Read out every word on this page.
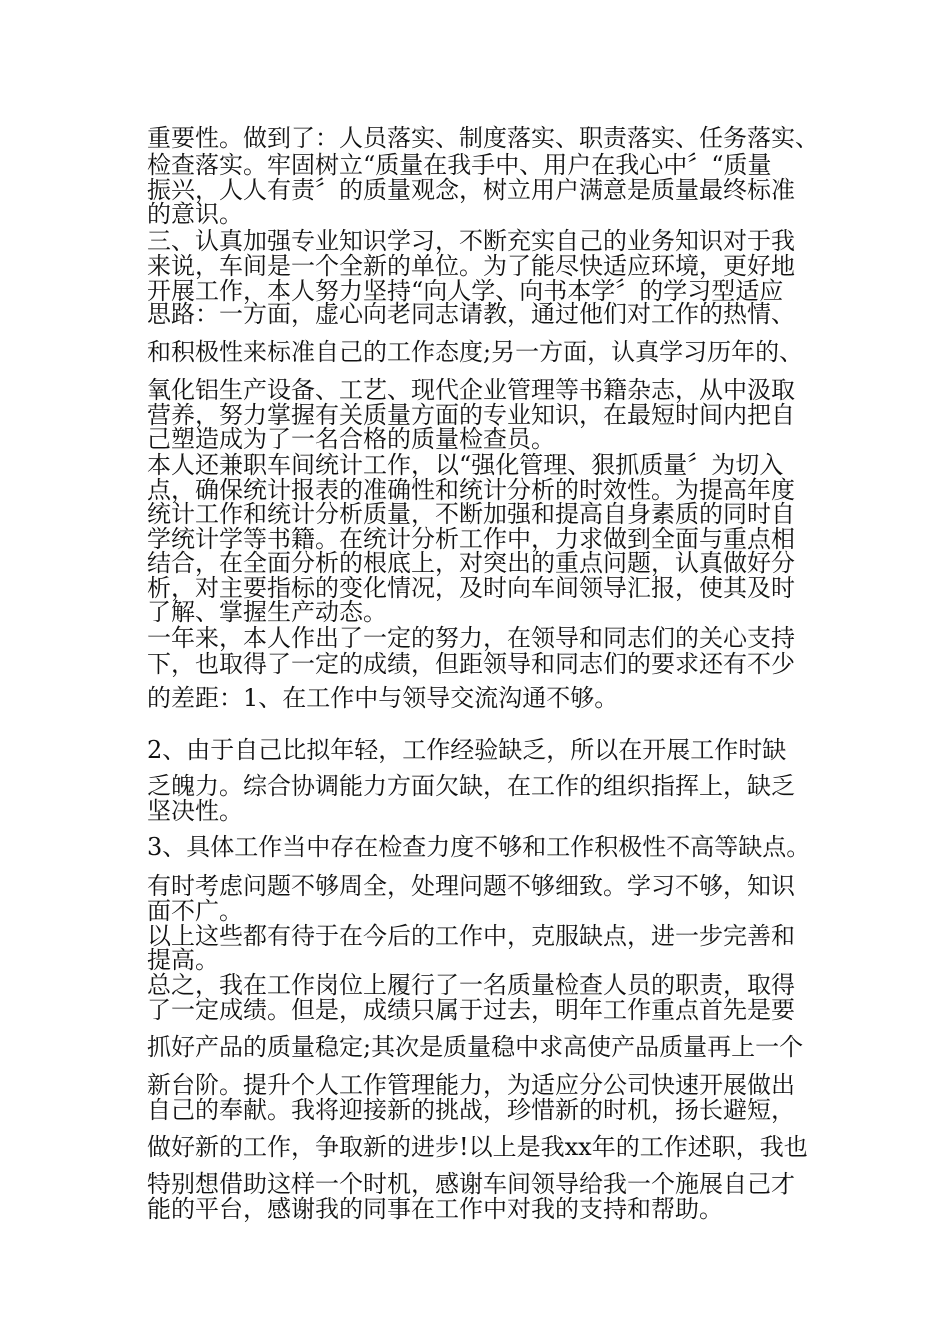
重要性。做到了：人员落实、制度落实、职责落实、任务落实、
检查落实。牢固树立“质量在我手中、用户在我心中〞“质量
振兴，人人有责〞的质量观念，树立用户满意是质量最终标准
的意识。
三、认真加强专业知识学习，不断充实自己的业务知识对于我
来说，车间是一个全新的单位。为了能尽快适应环境，更好地
开展工作，本人努力坚持“向人学、向书本学〞的学习型适应
思路：一方面，虚心向老同志请教，通过他们对工作的热情、
和积极性来标准自己的工作态度;另一方面，认真学习历年的、
氧化铝生产设备、工艺、现代企业管理等书籍杂志，从中汲取
营养，努力掌握有关质量方面的专业知识，在最短时间内把自
己塑造成为了一名合格的质量检查员。
本人还兼职车间统计工作，以“强化管理、狠抓质量〞为切入
点，确保统计报表的准确性和统计分析的时效性。为提高年度
统计工作和统计分析质量，不断加强和提高自身素质的同时自
学统计学等书籍。在统计分析工作中，力求做到全面与重点相
结合，在全面分析的根底上，对突出的重点问题，认真做好分
析，对主要指标的变化情况，及时向车间领导汇报，使其及时
了解、掌握生产动态。
一年来，本人作出了一定的努力，在领导和同志们的关心支持
下，也取得了一定的成绩，但距领导和同志们的要求还有不少
的差距：1、在工作中与领导交流沟通不够。
2、由于自己比拟年轻，工作经验缺乏，所以在开展工作时缺
乏魄力。综合协调能力方面欠缺，在工作的组织指挥上，缺乏
坚决性。
3、具体工作当中存在检查力度不够和工作积极性不高等缺点。
有时考虑问题不够周全，处理问题不够细致。学习不够，知识
面不广。
以上这些都有待于在今后的工作中，克服缺点，进一步完善和
提高。
总之，我在工作岗位上履行了一名质量检查人员的职责，取得
了一定成绩。但是，成绩只属于过去，明年工作重点首先是要
抓好产品的质量稳定;其次是质量稳中求高使产品质量再上一个
新台阶。提升个人工作管理能力，为适应分公司快速开展做出
自己的奉献。我将迎接新的挑战，珍惜新的时机，扬长避短，
做好新的工作，争取新的进步!以上是我xx年的工作述职，我也
特别想借助这样一个时机，感谢车间领导给我一个施展自己才
能的平台，感谢我的同事在工作中对我的支持和帮助。
